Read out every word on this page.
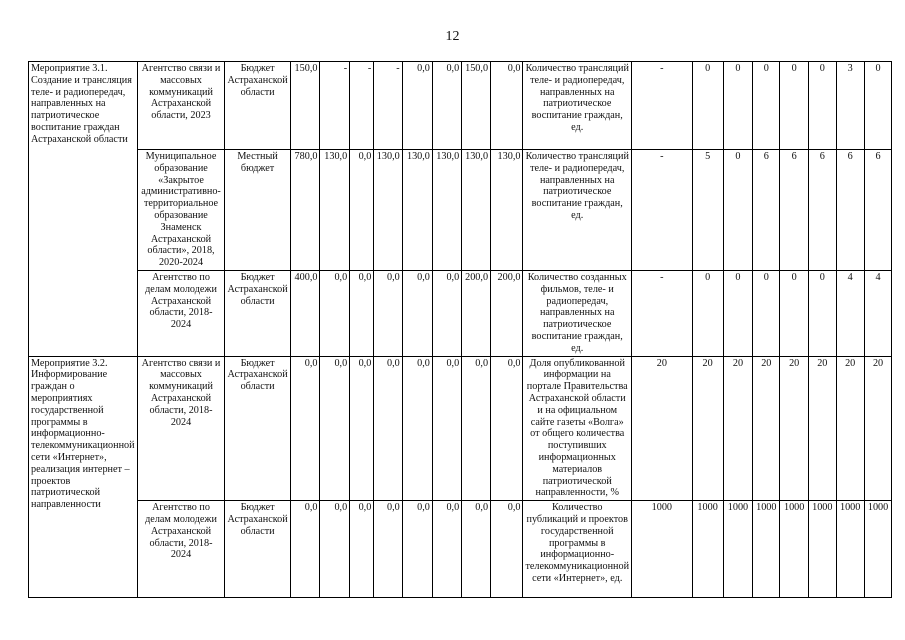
12
Мероприятие 3.1. Создание и трансляция теле- и радиопередач, направленных на патриотическое воспитание граждан Астраханской области	Агентство связи и массовых коммуникаций Астраханской области, 2023	Бюджет Астраханской области	150,0	-	-	-	0,0	0,0	150,0	0,0	Количество трансляций теле- и радиопередач, направленных на патриотическое воспитание граждан, ед.	-	0	0	0	0	0	3	0
	Муниципальное образование «Закрытое административно-территориальное образование Знаменск Астраханской области», 2018, 2020-2024	Местный бюджет	780,0	130,0	0,0	130,0	130,0	130,0	130,0	130,0	Количество трансляций теле- и радиопередач, направленных на патриотическое воспитание граждан, ед.	-	5	0	6	6	6	6	6
	Агентство по делам молодежи Астраханской области, 2018-2024	Бюджет Астраханской области	400,0	0,0	0,0	0,0	0,0	0,0	200,0	200,0	Количество созданных фильмов, теле- и радиопередач, направленных на патриотическое воспитание граждан, ед.	-	0	0	0	0	0	4	4
Мероприятие 3.2. Информирование граждан о мероприятиях государственной программы в информационно-телекоммуникационной сети «Интернет», реализация интернет – проектов патриотической направленности	Агентство связи и массовых коммуникаций Астраханской области, 2018-2024	Бюджет Астраханской области	0,0	0,0	0,0	0,0	0,0	0,0	0,0	0,0	Доля опубликованной информации на портале Правительства Астраханской области и на официальном сайте газеты «Волга» от общего количества поступивших информационных материалов патриотической направленности, %	20	20	20	20	20	20	20	20
	Агентство по делам молодежи Астраханской области, 2018-2024	Бюджет Астраханской области	0,0	0,0	0,0	0,0	0,0	0,0	0,0	0,0	Количество публикаций и проектов государственной программы в информационно-телекоммуникационной сети «Интернет», ед.	1000	1000	1000	1000	1000	1000	1000	1000
